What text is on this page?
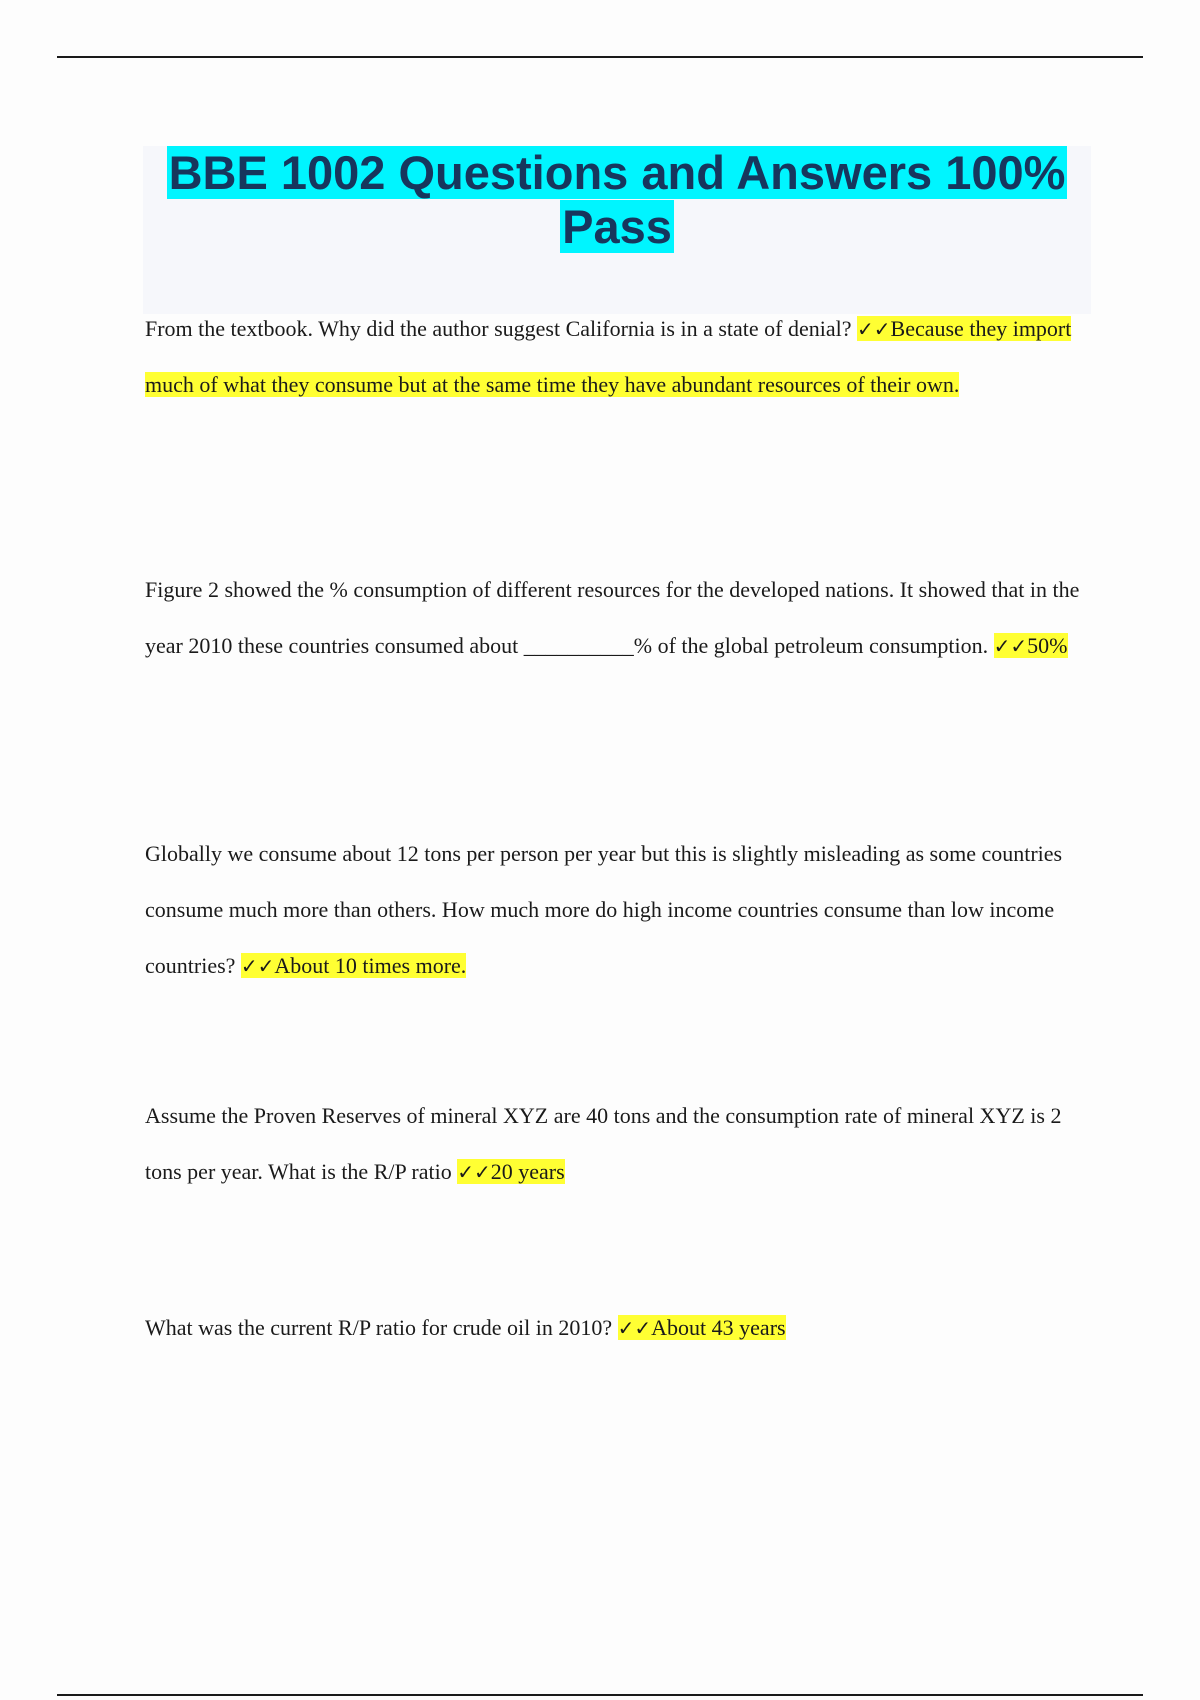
BBE 1002 Questions and Answers 100% Pass

From the textbook. Why did the author suggest California is in a state of denial? ✓✓Because they import much of what they consume but at the same time they have abundant resources of their own.

Figure 2 showed the % consumption of different resources for the developed nations. It showed that in the year 2010 these countries consumed about __________% of the global petroleum consumption. ✓✓50%

Globally we consume about 12 tons per person per year but this is slightly misleading as some countries consume much more than others. How much more do high income countries consume than low income countries? ✓✓About 10 times more.

Assume the Proven Reserves of mineral XYZ are 40 tons and the consumption rate of mineral XYZ is 2 tons per year. What is the R/P ratio ✓✓20 years

What was the current R/P ratio for crude oil in 2010? ✓✓About 43 years
